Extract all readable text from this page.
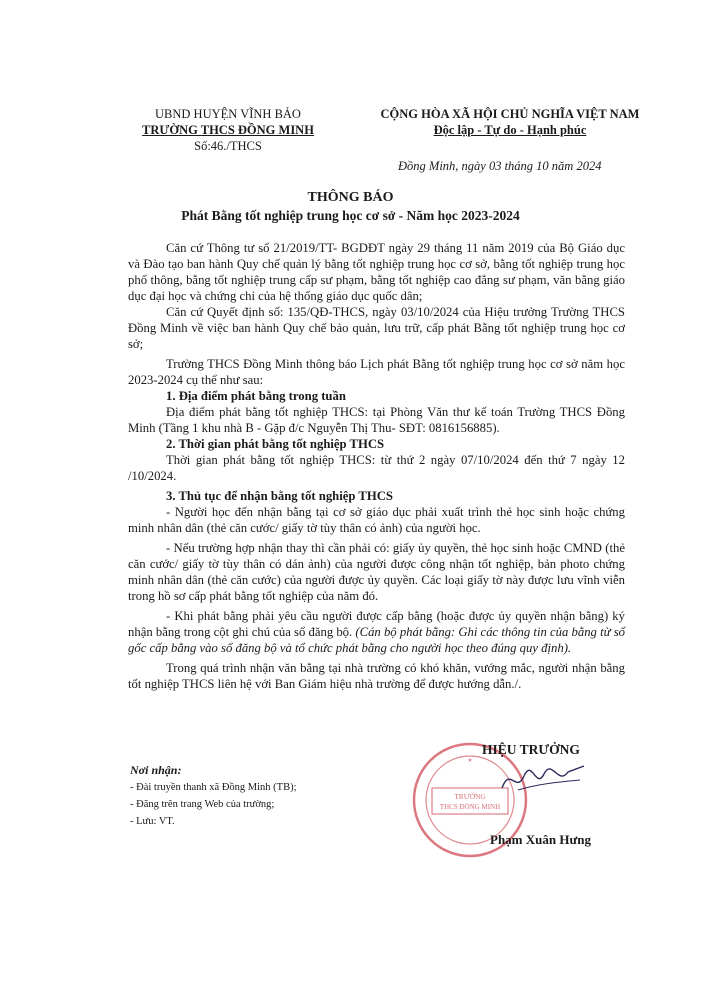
UBND HUYỆN VĨNH BẢO
TRƯỜNG THCS ĐỒNG MINH
Số:46./THCS
CỘNG HÒA XÃ HỘI CHỦ NGHĨA VIỆT NAM
Độc lập - Tự do - Hạnh phúc
Đồng Minh, ngày 03 tháng 10 năm 2024
THÔNG BÁO
Phát Bằng tốt nghiệp trung học cơ sở - Năm học 2023-2024

Căn cứ Thông tư số 21/2019/TT- BGDĐT ngày 29 tháng 11 năm 2019 của Bộ Giáo dục và Đào tạo ban hành Quy chế quản lý bằng tốt nghiệp trung học cơ sở, bằng tốt nghiệp trung học phổ thông, bằng tốt nghiệp trung cấp sư phạm, bằng tốt nghiệp cao đẳng sư phạm, văn bằng giáo dục đại học và chứng chỉ của hệ thống giáo dục quốc dân;

Căn cứ Quyết định số: 135/QĐ-THCS, ngày 03/10/2024 của Hiệu trưởng Trường THCS Đồng Minh về việc ban hành Quy chế bảo quản, lưu trữ, cấp phát Bằng tốt nghiệp trung học cơ sở;

Trường THCS Đồng Minh thông báo Lịch phát Bằng tốt nghiệp trung học cơ sở năm học 2023-2024 cụ thể như sau:

1. Địa điểm phát bằng trong tuần

Địa điểm phát bằng tốt nghiệp THCS: tại Phòng Văn thư kế toán Trường THCS Đồng Minh (Tầng 1 khu nhà B - Gặp đ/c Nguyễn Thị Thu- SĐT: 0816156885).

2. Thời gian phát bằng tốt nghiệp THCS

Thời gian phát bằng tốt nghiệp THCS: từ thứ 2 ngày 07/10/2024 đến thứ 7 ngày 12 /10/2024.

3. Thủ tục để nhận bằng tốt nghiệp THCS

- Người học đến nhận bằng tại cơ sở giáo dục phải xuất trình thẻ học sinh hoặc chứng minh nhân dân (thẻ căn cước/ giấy tờ tùy thân có ảnh) của người học.

- Nếu trường hợp nhận thay thì cần phải có: giấy ủy quyền, thẻ học sinh hoặc CMND (thẻ căn cước/ giấy tờ tùy thân có dán ảnh) của người được công nhận tốt nghiệp, bản photo chứng minh nhân dân (thẻ căn cước) của người được ủy quyền. Các loại giấy tờ này được lưu vĩnh viễn trong hồ sơ cấp phát bằng tốt nghiệp của năm đó.

- Khi phát bằng phải yêu cầu người được cấp bằng (hoặc được ủy quyền nhận bằng) ký nhận bằng trong cột ghi chú của sổ đăng bộ. (Cán bộ phát bằng: Ghi các thông tin của bằng từ sổ gốc cấp bằng vào sổ đăng bộ và tổ chức phát bằng cho người học theo đúng quy định).

Trong quá trình nhận văn bằng tại nhà trường có khó khăn, vướng mắc, người nhận bằng tốt nghiệp THCS liên hệ với Ban Giám hiệu nhà trường để được hướng dẫn./.

Nơi nhận:
- Đài truyền thanh xã Đồng Minh (TB);
- Đăng trên trang Web của trường;
- Lưu: VT.
TRƯỜNG
THCS ĐỒNG MINH
★
HIỆU TRƯỞNG
Phạm Xuân Hưng
